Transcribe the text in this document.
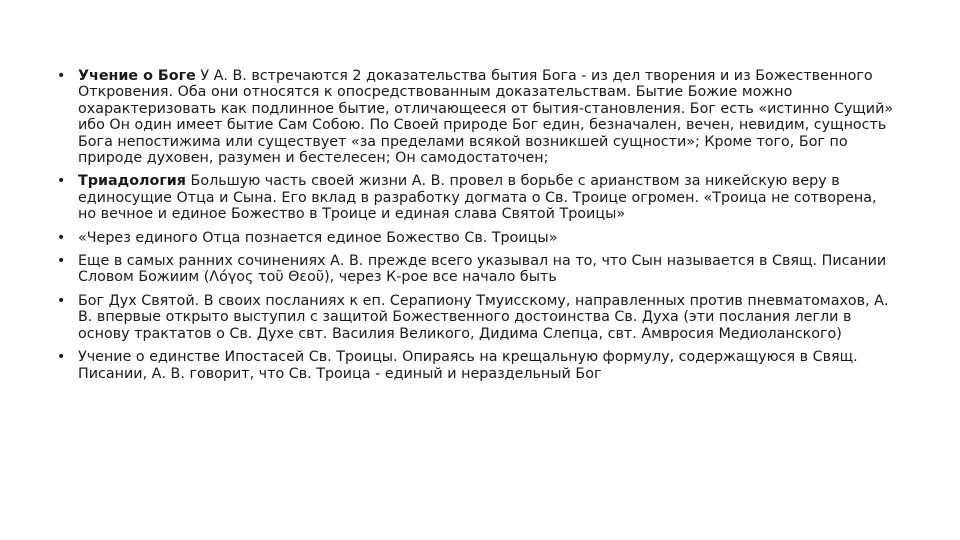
• Учение о Боге У А. В. встречаются 2 доказательства бытия Бога - из дел творения и из Божественного Откровения. Оба они относятся к опосредствованным доказательствам. Бытие Божие можно охарактеризовать как подлинное бытие, отличающееся от бытия-становления. Бог есть «истинно Сущий» ибо Он один имеет бытие Сам Собою. По Своей природе Бог един, безначален, вечен, невидим, сущность Бога непостижима или существует «за пределами всякой возникшей сущности»; Кроме того, Бог по природе духовен, разумен и бестелесен; Он самодостаточен;
• Триадология Большую часть своей жизни А. В. провел в борьбе с арианством за никейскую веру в единосущие Отца и Сына. Его вклад в разработку догмата о Св. Троице огромен. «Троица не сотворена, но вечное и единое Божество в Троице и единая слава Святой Троицы»
• «Через единого Отца познается единое Божество Св. Троицы»
• Еще в самых ранних сочинениях А. В. прежде всего указывал на то, что Сын называется в Свящ. Писании Словом Божиим (Λόγος τοῦ Θεοῦ), через К-рое все начало быть
• Бог Дух Святой. В своих посланиях к еп. Серапиону Тмуисскому, направленных против пневматомахов, А. В. впервые открыто выступил с защитой Божественного достоинства Св. Духа (эти послания легли в основу трактатов о Св. Духе свт. Василия Великого, Дидима Слепца, свт. Амвросия Медиоланского)
• Учение о единстве Ипостасей Св. Троицы. Опираясь на крещальную формулу, содержащуюся в Свящ. Писании, А. В. говорит, что Св. Троица - единый и нераздельный Бог
